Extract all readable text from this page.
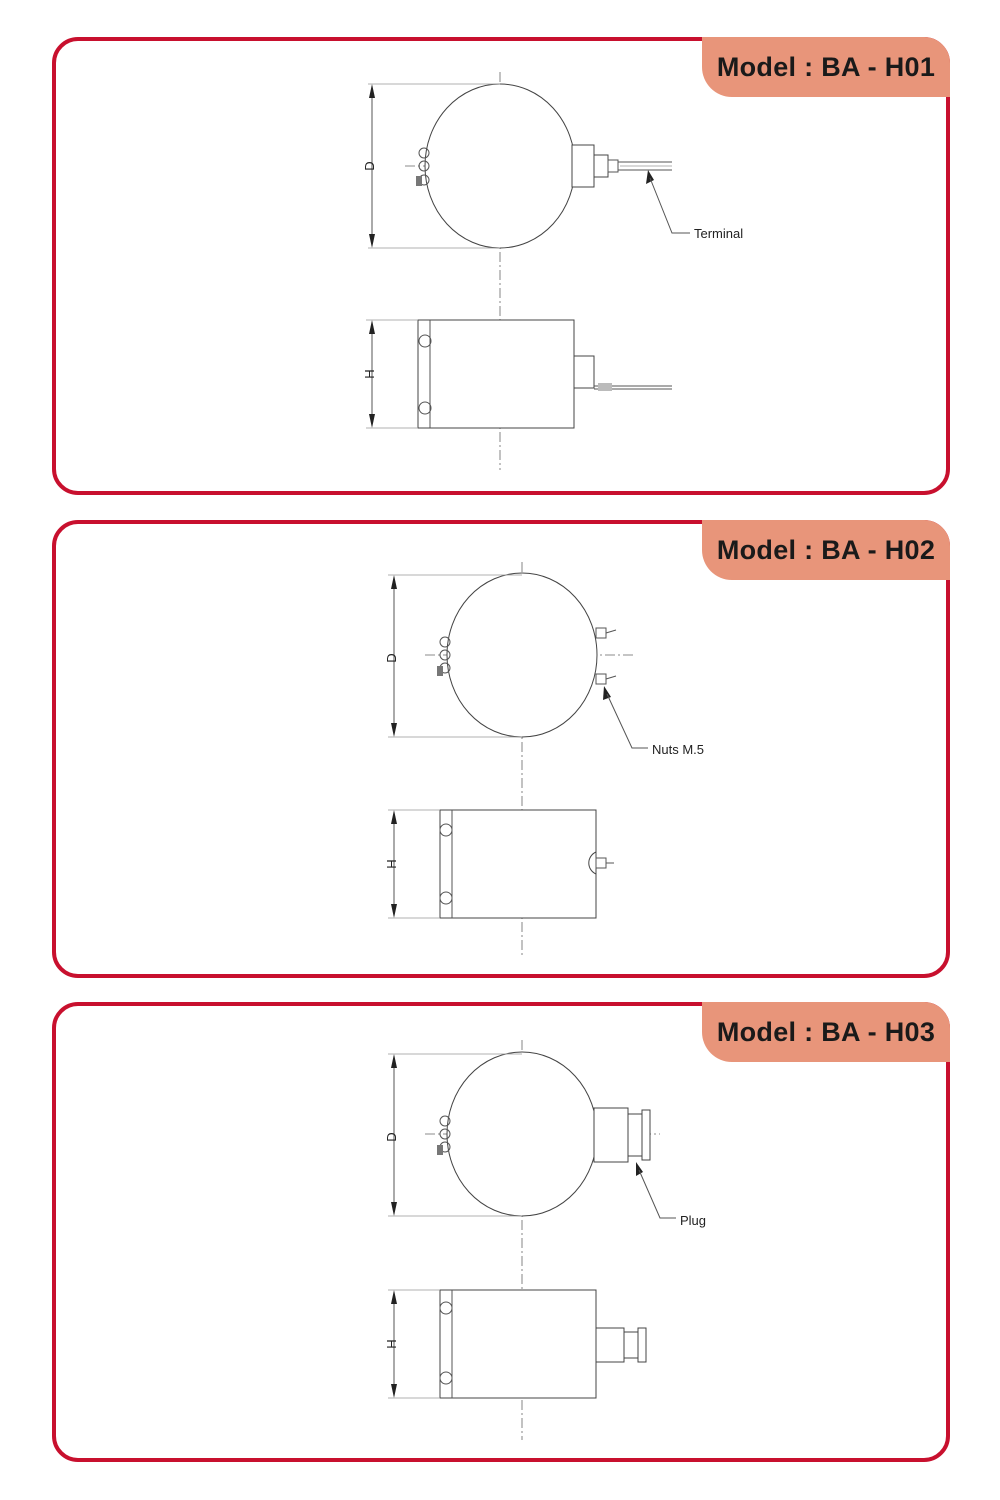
Model : BA - H01
D
Terminal
H
Model : BA - H02
D
Nuts M.5
H
Model : BA - H03
D
Plug
H
